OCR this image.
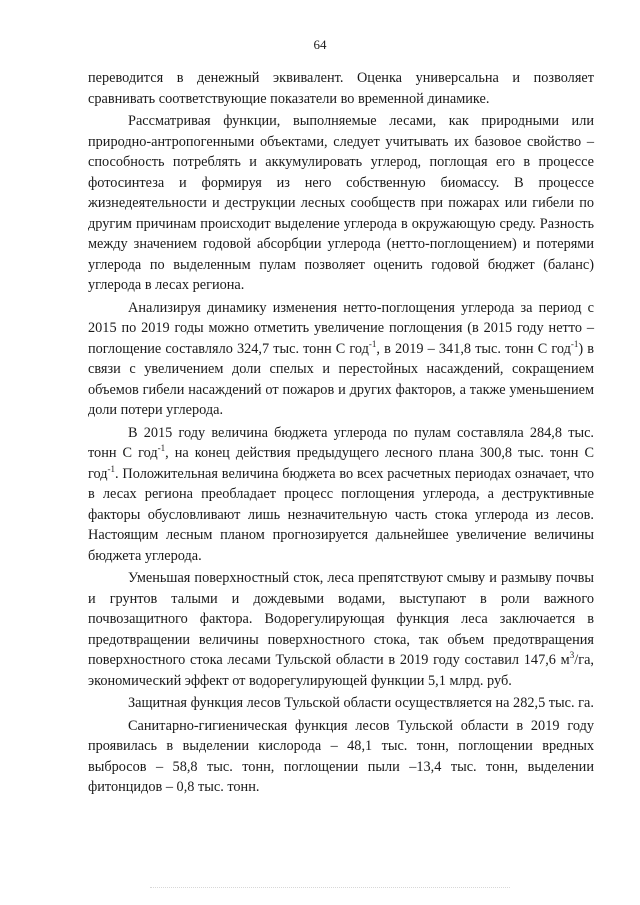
64

переводится в денежный эквивалент. Оценка универсальна и позволяет сравнивать соответствующие показатели во временной динамике.

Рассматривая функции, выполняемые лесами, как природными или природно-антропогенными объектами, следует учитывать их базовое свойство – способность потреблять и аккумулировать углерод, поглощая его в процессе фотосинтеза и формируя из него собственную биомассу. В процессе жизнедеятельности и деструкции лесных сообществ при пожарах или гибели по другим причинам происходит выделение углерода в окружающую среду. Разность между значением годовой абсорбции углерода (нетто-поглощением) и потерями углерода по выделенным пулам позволяет оценить годовой бюджет (баланс) углерода в лесах региона.

Анализируя динамику изменения нетто-поглощения углерода за период с 2015 по 2019 годы можно отметить увеличение поглощения (в 2015 году нетто – поглощение составляло 324,7 тыс. тонн С год$^{-1}$, в 2019 – 341,8 тыс. тонн С год$^{-1}$) в связи с увеличением доли спелых и перестойных насаждений, сокращением объемов гибели насаждений от пожаров и других факторов, а также уменьшением доли потери углерода.

В 2015 году величина бюджета углерода по пулам составляла 284,8 тыс. тонн С год$^{-1}$, на конец действия предыдущего лесного плана 300,8 тыс. тонн С год$^{-1}$. Положительная величина бюджета во всех расчетных периодах означает, что в лесах региона преобладает процесс поглощения углерода, а деструктивные факторы обусловливают лишь незначительную часть стока углерода из лесов. Настоящим лесным планом прогнозируется дальнейшее увеличение величины бюджета углерода.

Уменьшая поверхностный сток, леса препятствуют смыву и размыву почвы и грунтов талыми и дождевыми водами, выступают в роли важного почвозащитного фактора. Водорегулирующая функция леса заключается в предотвращении величины поверхностного стока, так объем предотвращения поверхностного стока лесами Тульской области в 2019 году составил 147,6 $м^3/га$, экономический эффект от водорегулирующей функции 5,1 млрд. руб.

Защитная функция лесов Тульской области осуществляется на 282,5 тыс. га.

Санитарно-гигиеническая функция лесов Тульской области в 2019 году проявилась в выделении кислорода – 48,1 тыс. тонн, поглощении вредных выбросов – 58,8 тыс. тонн, поглощении пыли –13,4 тыс. тонн, выделении фитонцидов – 0,8 тыс. тонн.
